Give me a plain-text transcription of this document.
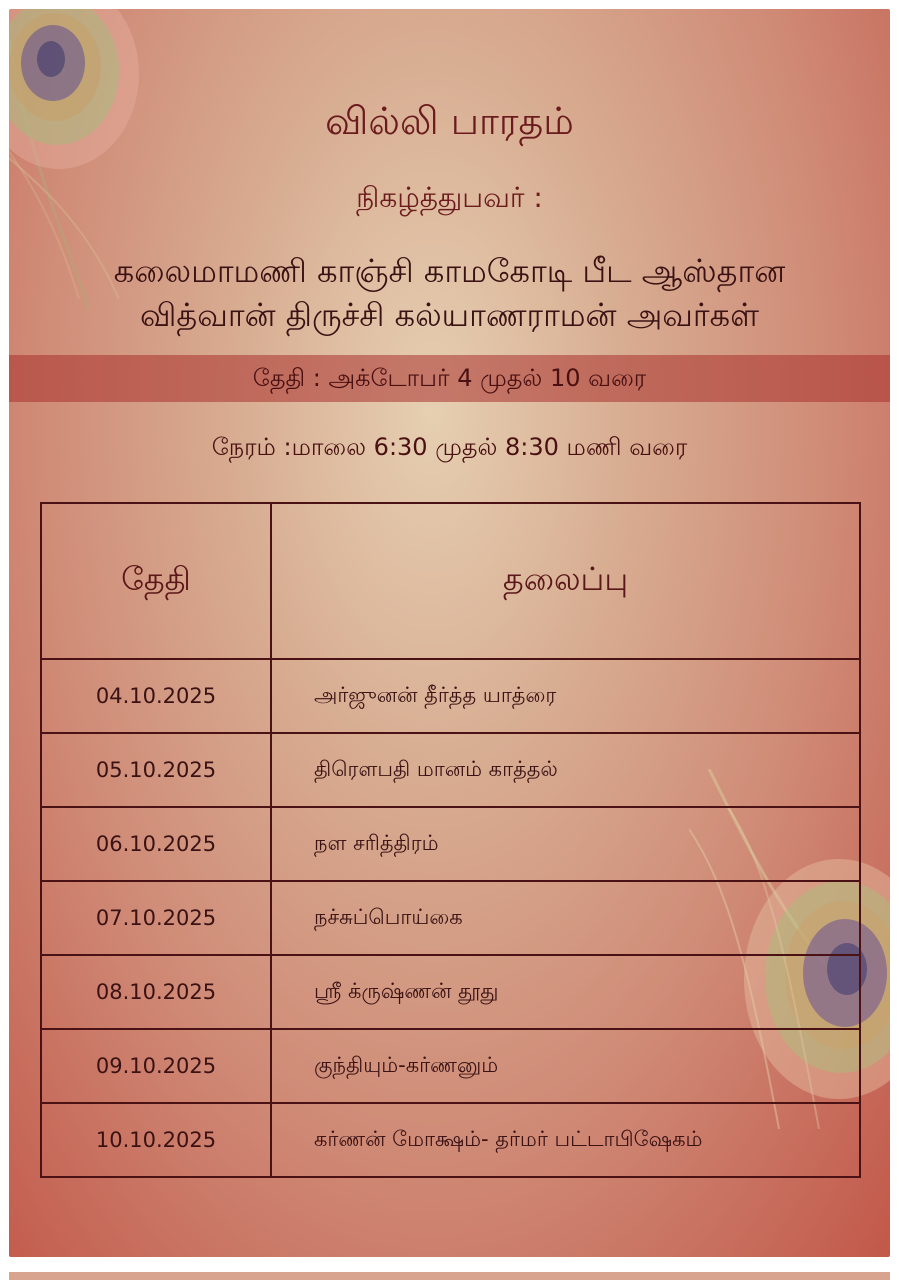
வில்லி பாரதம்
நிகழ்த்துபவர் :
கலைமாமணி காஞ்சி காமகோடி பீட ஆஸ்தான
வித்வான் திருச்சி கல்யாணராமன் அவர்கள்
தேதி : அக்டோபர் 4 முதல் 10 வரை
நேரம் :மாலை 6:30 முதல் 8:30 மணி வரை
தேதி	தலைப்பு
04.10.2025	அர்ஜுனன் தீர்த்த யாத்ரை
05.10.2025	திரௌபதி மானம் காத்தல்
06.10.2025	நள சரித்திரம்
07.10.2025	நச்சுப்பொய்கை
08.10.2025	ஸ்ரீ க்ருஷ்ணன் தூது
09.10.2025	குந்தியும்-கர்ணனும்
10.10.2025	கர்ணன் மோக்ஷம்- தர்மர் பட்டாபிஷேகம்
